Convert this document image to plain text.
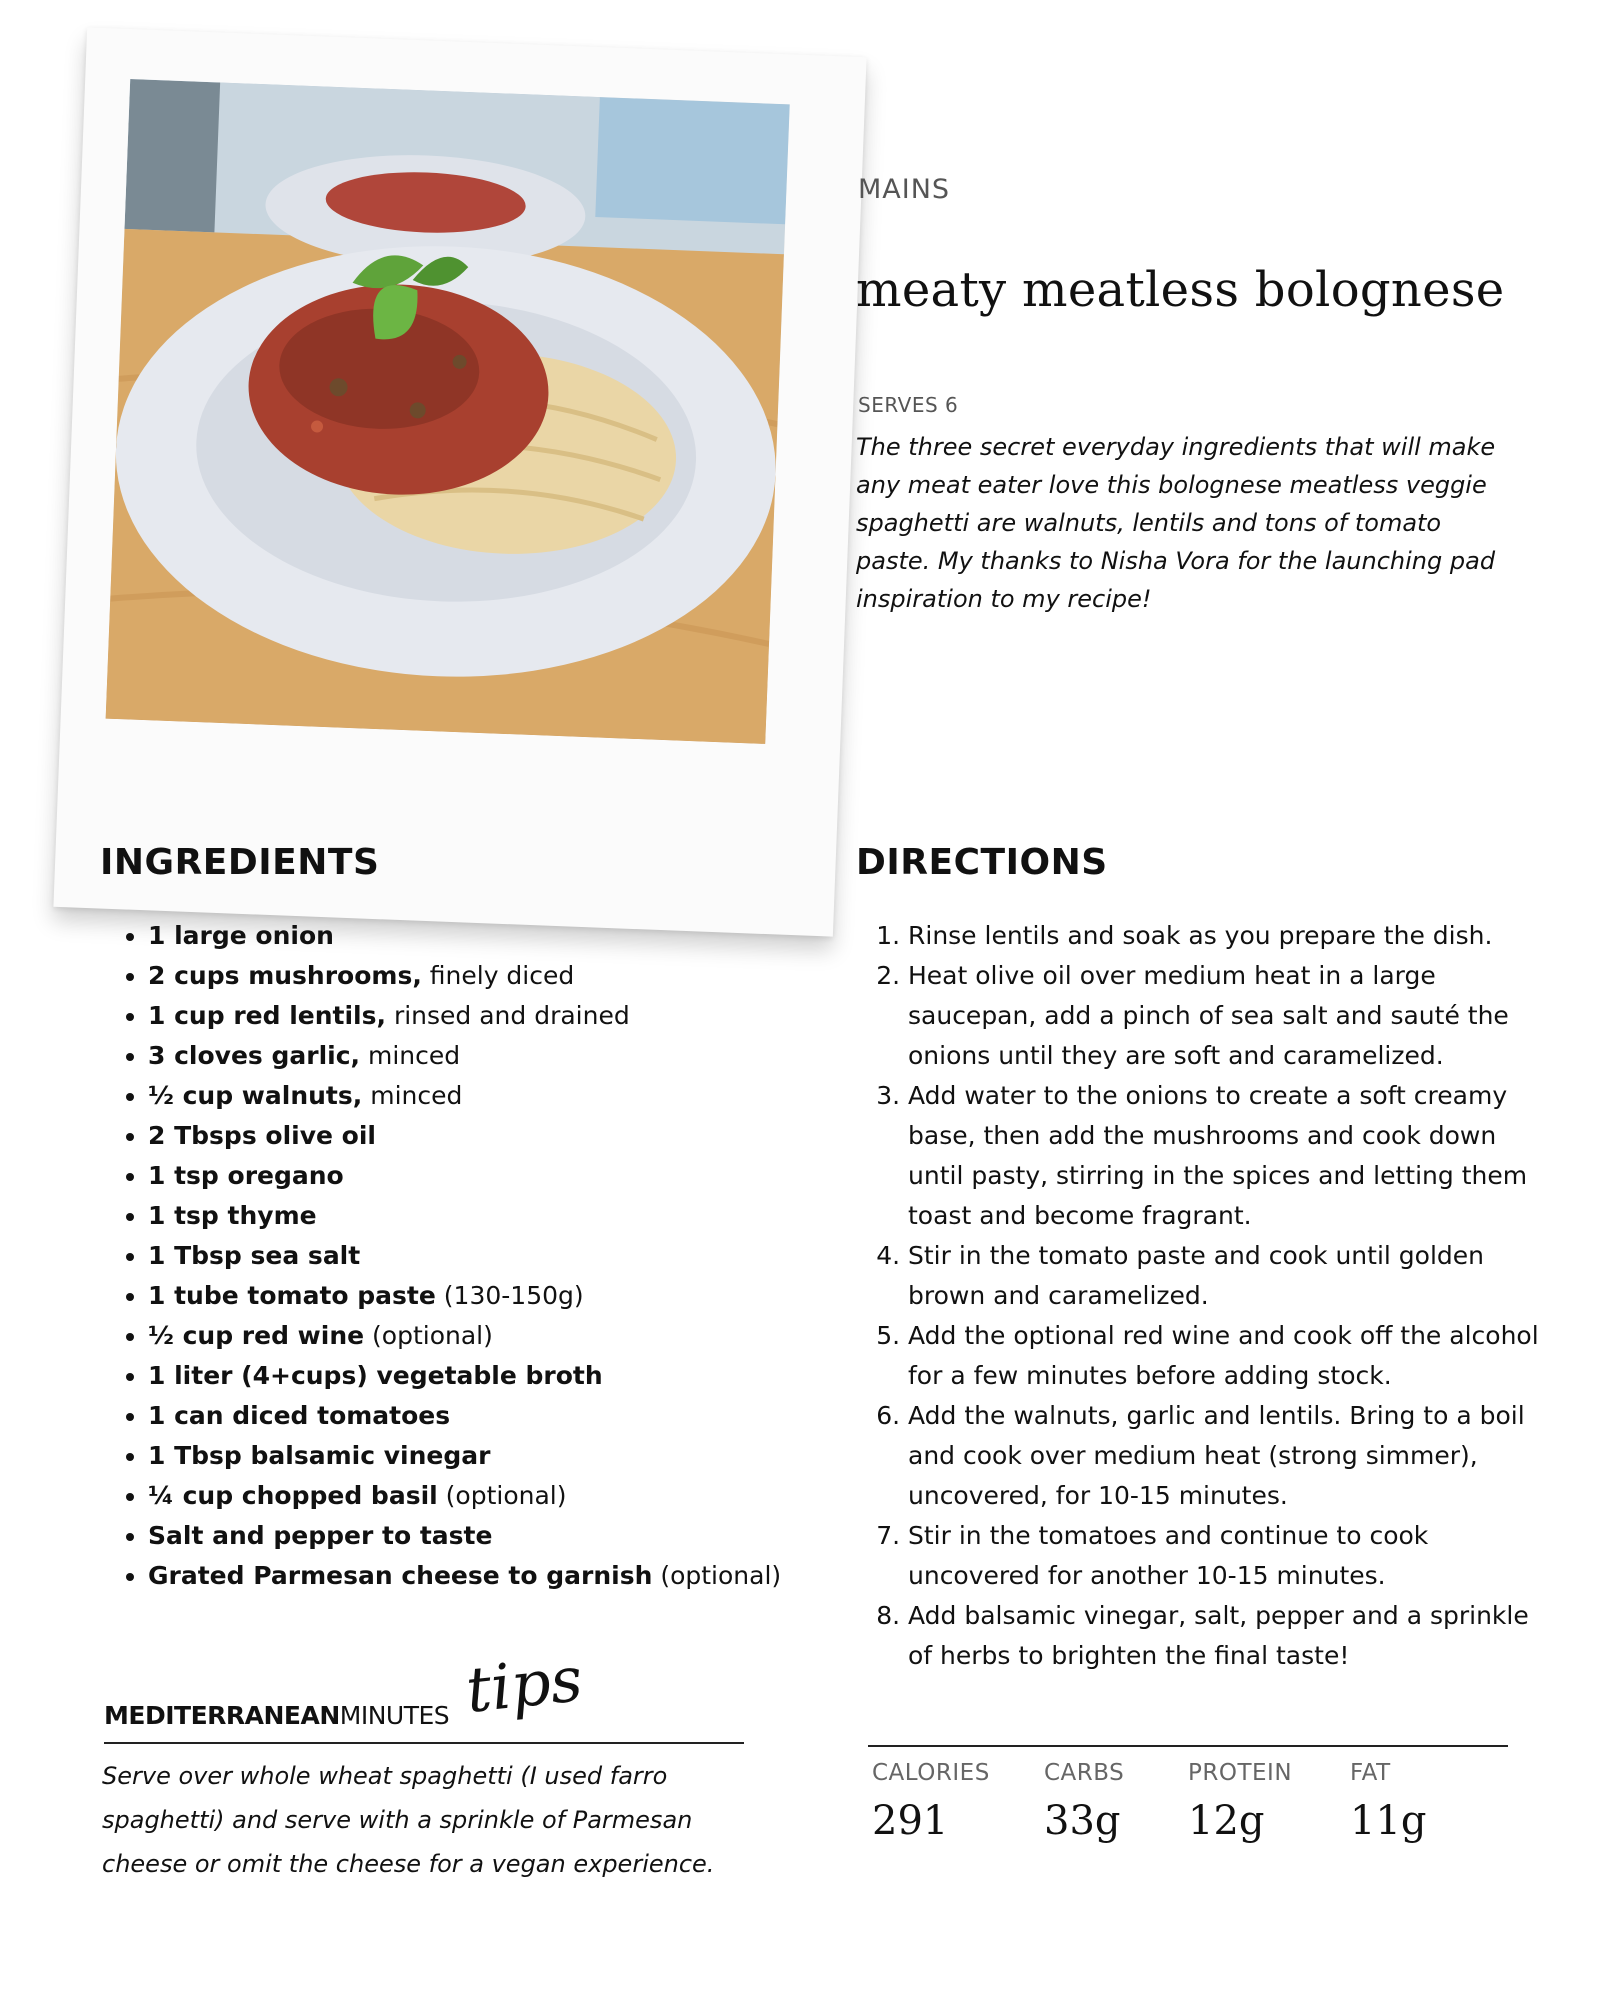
MAINS
meaty meatless bolognese
SERVES 6
The three secret everyday ingredients that will make any meat eater love this bolognese meatless veggie spaghetti are walnuts, lentils and tons of tomato paste. My thanks to Nisha Vora for the launching pad inspiration to my recipe!
INGREDIENTS
• 1 large onion
• 2 cups mushrooms, finely diced
• 1 cup red lentils, rinsed and drained
• 3 cloves garlic, minced
• ½ cup walnuts, minced
• 2 Tbsps olive oil
• 1 tsp oregano
• 1 tsp thyme
• 1 Tbsp sea salt
• 1 tube tomato paste (130-150g)
• ½ cup red wine (optional)
• 1 liter (4+cups) vegetable broth
• 1 can diced tomatoes
• 1 Tbsp balsamic vinegar
• ¼ cup chopped basil (optional)
• Salt and pepper to taste
• Grated Parmesan cheese to garnish (optional)
DIRECTIONS
1. Rinse lentils and soak as you prepare the dish.
2. Heat olive oil over medium heat in a large saucepan, add a pinch of sea salt and sauté the onions until they are soft and caramelized.
3. Add water to the onions to create a soft creamy base, then add the mushrooms and cook down until pasty, stirring in the spices and letting them toast and become fragrant.
4. Stir in the tomato paste and cook until golden brown and caramelized.
5. Add the optional red wine and cook off the alcohol for a few minutes before adding stock.
6. Add the walnuts, garlic and lentils. Bring to a boil and cook over medium heat (strong simmer), uncovered, for 10-15 minutes.
7. Stir in the tomatoes and continue to cook uncovered for another 10-15 minutes.
8. Add balsamic vinegar, salt, pepper and a sprinkle of herbs to brighten the final taste!
MEDITERRANEANMINUTES tips
Serve over whole wheat spaghetti (I used farro spaghetti) and serve with a sprinkle of Parmesan cheese or omit the cheese for a vegan experience.
CALORIES
291
CARBS
33g
PROTEIN
12g
FAT
11g
